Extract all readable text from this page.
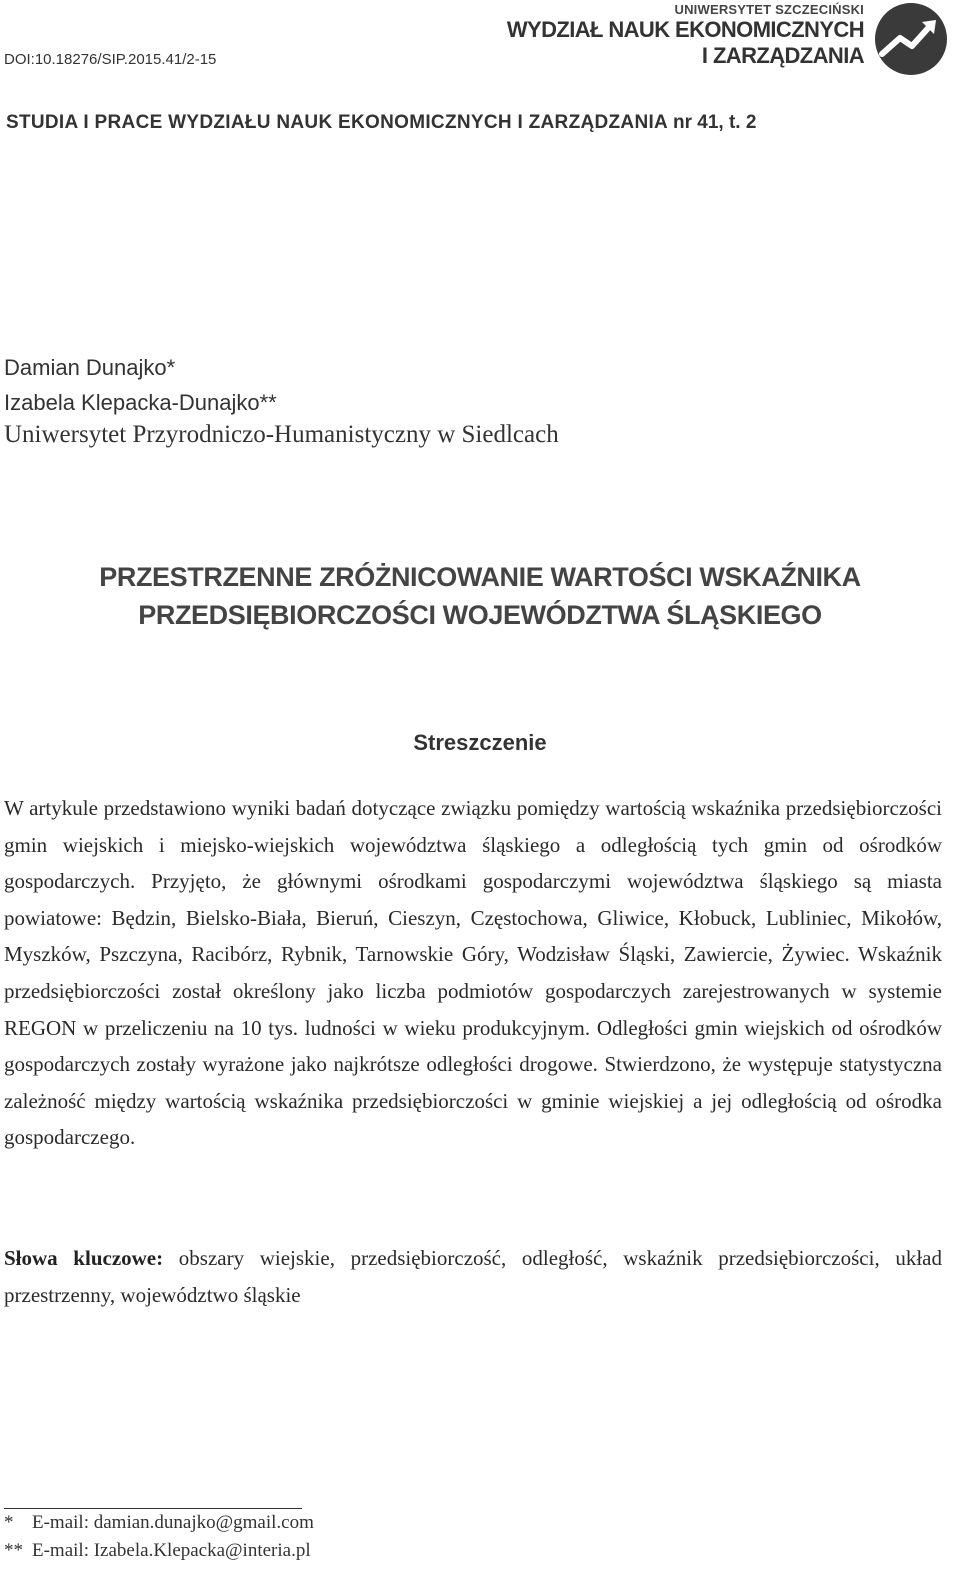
DOI:10.18276/SIP.2015.41/2-15
UNIWERSYTET SZCZECIŃSKI
WYDZIAŁ NAUK EKONOMICZNYCH
I ZARZĄDZANIA
STUDIA I PRACE WYDZIAŁU NAUK EKONOMICZNYCH I ZARZĄDZANIA nr 41, t. 2
Damian Dunajko*
Izabela Klepacka-Dunajko**
Uniwersytet Przyrodniczo-Humanistyczny w Siedlcach
PRZESTRZENNE ZRÓŻNICOWANIE WARTOŚCI WSKAŹNIKA
PRZEDSIĘBIORCZOŚCI WOJEWÓDZTWA ŚLĄSKIEGO
Streszczenie

W artykule przedstawiono wyniki badań dotyczące związku pomiędzy wartością wskaźnika przedsiębiorczości gmin wiejskich i miejsko-wiejskich województwa śląskiego a odległością tych gmin od ośrodków gospodarczych. Przyjęto, że głównymi ośrodkami gospodarczymi województwa śląskiego są miasta powiatowe: Będzin, Bielsko-Biała, Bieruń, Cieszyn, Częstochowa, Gliwice, Kłobuck, Lubliniec, Mikołów, Myszków, Pszczyna, Racibórz, Rybnik, Tarnowskie Góry, Wodzisław Śląski, Zawiercie, Żywiec. Wskaźnik przedsiębiorczości został określony jako liczba podmiotów gospodarczych zarejestrowanych w systemie REGON w przeliczeniu na 10 tys. ludności w wieku produkcyjnym. Odległości gmin wiejskich od ośrodków gospodarczych zostały wyrażone jako najkrótsze odległości drogowe. Stwierdzono, że występuje statystyczna zależność między wartością wskaźnika przedsiębiorczości w gminie wiejskiej a jej odległością od ośrodka gospodarczego.

Słowa kluczowe: obszary wiejskie, przedsiębiorczość, odległość, wskaźnik przedsiębiorczości, układ przestrzenny, województwo śląskie

* E-mail: damian.dunajko@gmail.com
** E-mail: Izabela.Klepacka@interia.pl
